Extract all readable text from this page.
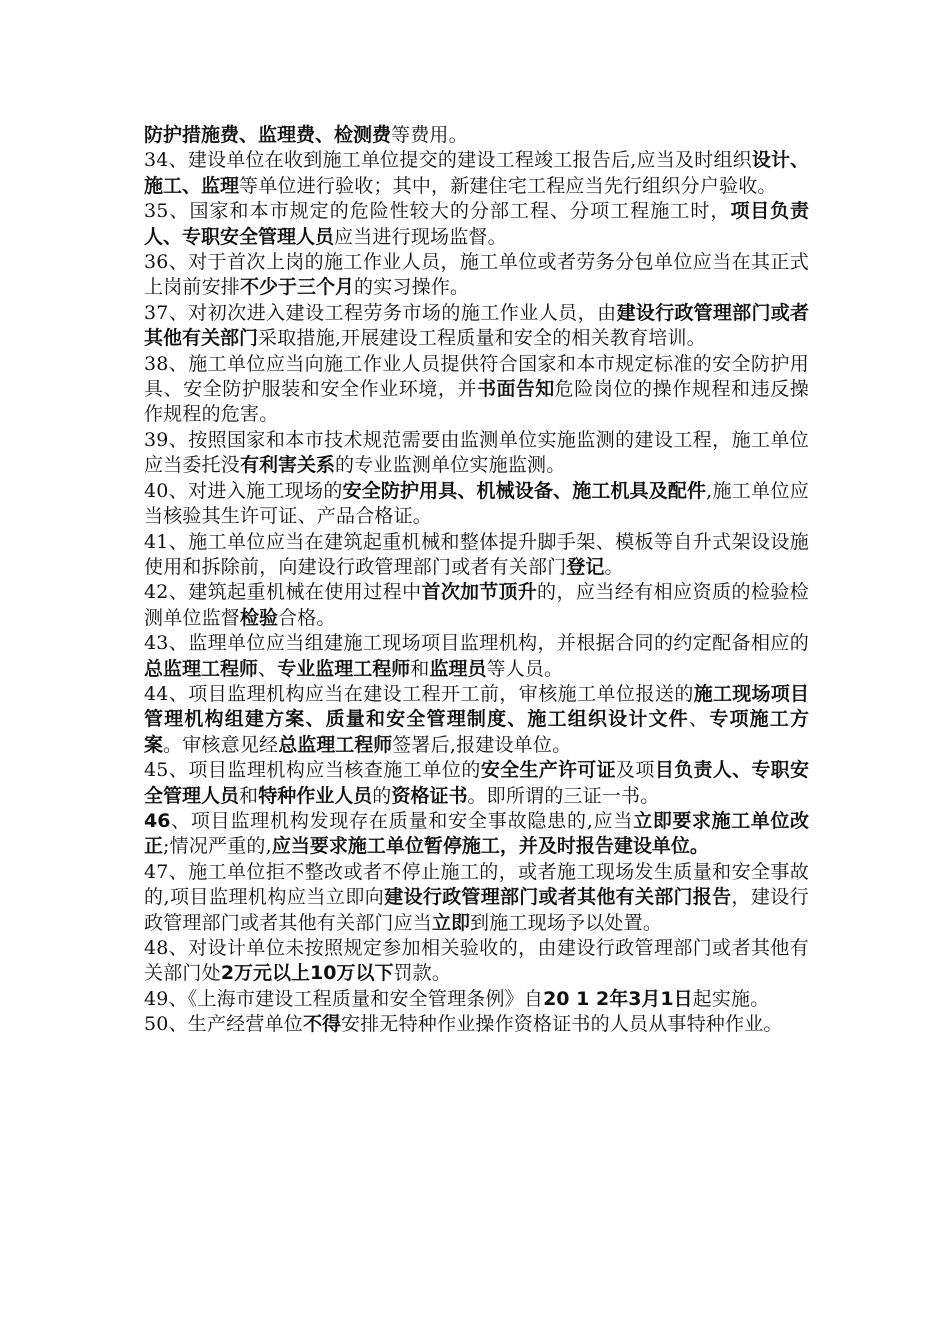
防护措施费、监理费、检测费等费用。

34、建设单位在收到施工单位提交的建设工程竣工报告后,应当及时组织设计、施工、监理等单位进行验收；其中，新建住宅工程应当先行组织分户验收。

35、国家和本市规定的危险性较大的分部工程、分项工程施工时，项目负责人、专职安全管理人员应当进行现场监督。

36、对于首次上岗的施工作业人员，施工单位或者劳务分包单位应当在其正式上岗前安排不少于三个月的实习操作。

37、对初次进入建设工程劳务市场的施工作业人员，由建设行政管理部门或者其他有关部门采取措施,开展建设工程质量和安全的相关教育培训。

38、施工单位应当向施工作业人员提供符合国家和本市规定标准的安全防护用具、安全防护服装和安全作业环境，并书面告知危险岗位的操作规程和违反操作规程的危害。

39、按照国家和本市技术规范需要由监测单位实施监测的建设工程，施工单位应当委托没有利害关系的专业监测单位实施监测。

40、对进入施工现场的安全防护用具、机械设备、施工机具及配件,施工单位应当核验其生许可证、产品合格证。

41、施工单位应当在建筑起重机械和整体提升脚手架、模板等自升式架设设施使用和拆除前，向建设行政管理部门或者有关部门登记。

42、建筑起重机械在使用过程中首次加节顶升的，应当经有相应资质的检验检测单位监督检验合格。

43、监理单位应当组建施工现场项目监理机构，并根据合同的约定配备相应的总监理工程师、专业监理工程师和监理员等人员。

44、项目监理机构应当在建设工程开工前，审核施工单位报送的施工现场项目管理机构组建方案、质量和安全管理制度、施工组织设计文件、专项施工方案。审核意见经总监理工程师签署后,报建设单位。

45、项目监理机构应当核查施工单位的安全生产许可证及项目负责人、专职安全管理人员和特种作业人员的资格证书。即所谓的三证一书。

46、项目监理机构发现存在质量和安全事故隐患的,应当立即要求施工单位改正;情况严重的,应当要求施工单位暂停施工，并及时报告建设单位。

47、施工单位拒不整改或者不停止施工的，或者施工现场发生质量和安全事故的,项目监理机构应当立即向建设行政管理部门或者其他有关部门报告，建设行政管理部门或者其他有关部门应当立即到施工现场予以处置。

48、对设计单位未按照规定参加相关验收的，由建设行政管理部门或者其他有关部门处2万元以上10万以下罚款。

49、《上海市建设工程质量和安全管理条例》自20 1 2年3月1日起实施。

50、生产经营单位不得安排无特种作业操作资格证书的人员从事特种作业。
